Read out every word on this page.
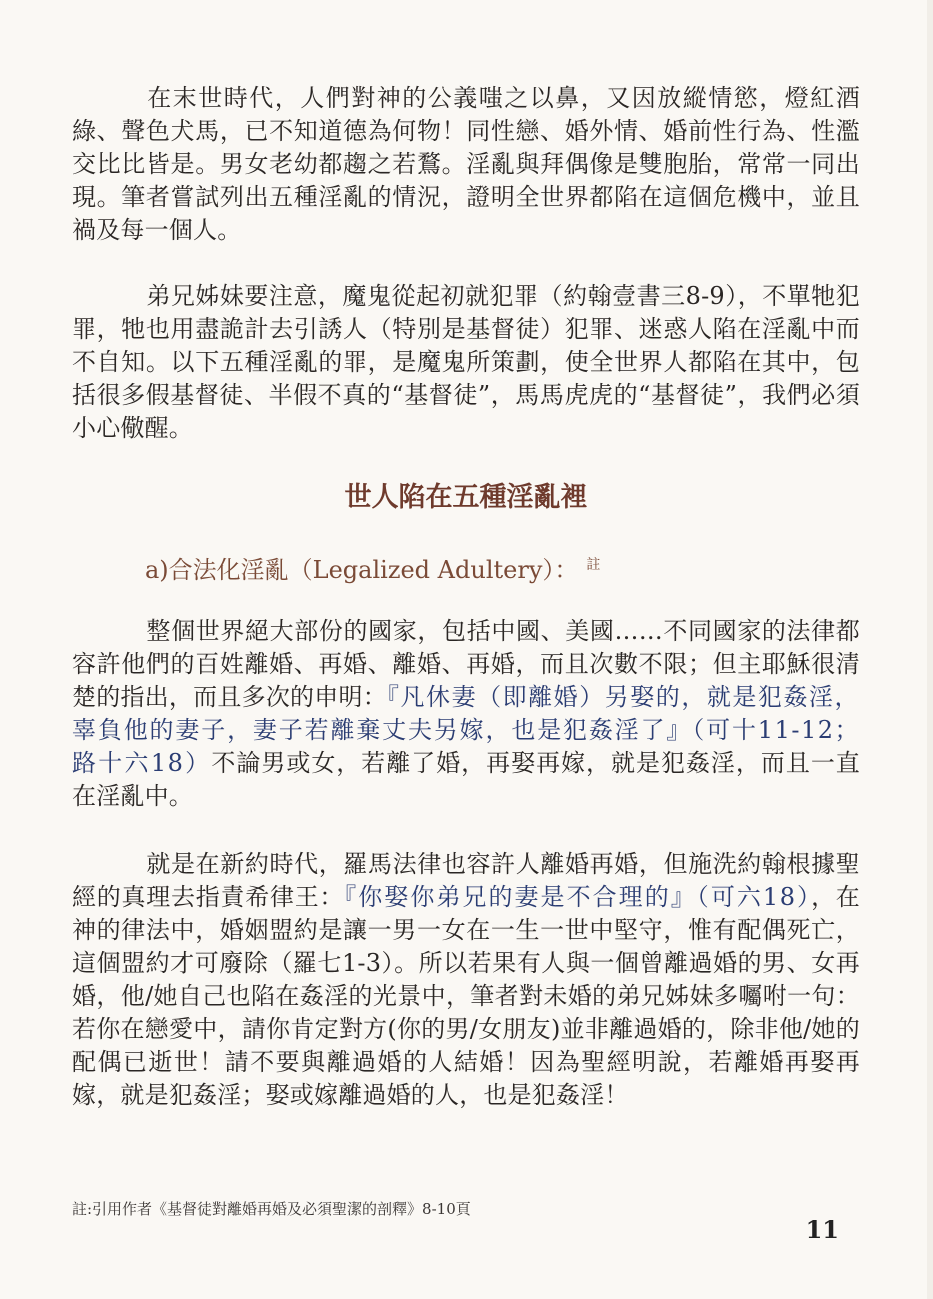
在末世時代，人們對神的公義嗤之以鼻，又因放縱情慾，燈紅酒綠、聲色犬馬，已不知道德為何物！同性戀、婚外情、婚前性行為、性濫交比比皆是。男女老幼都趨之若鶩。淫亂與拜偶像是雙胞胎，常常一同出現。筆者嘗試列出五種淫亂的情況，證明全世界都陷在這個危機中，並且禍及每一個人。

弟兄姊妹要注意，魔鬼從起初就犯罪（約翰壹書三8-9），不單牠犯罪，牠也用盡詭計去引誘人（特別是基督徒）犯罪、迷惑人陷在淫亂中而不自知。以下五種淫亂的罪，是魔鬼所策劃，使全世界人都陷在其中，包括很多假基督徒、半假不真的“基督徒”，馬馬虎虎的“基督徒”，我們必須小心儆醒。

世人陷在五種淫亂裡

a)合法化淫亂（Legalized Adultery）： $^註$

整個世界絕大部份的國家，包括中國、美國……不同國家的法律都容許他們的百姓離婚、再婚、離婚、再婚，而且次數不限；但主耶穌很清楚的指出，而且多次的申明：『凡休妻（即離婚）另娶的，就是犯姦淫，辜負他的妻子，妻子若離棄丈夫另嫁，也是犯姦淫了』（可十11-12；路十六18）不論男或女，若離了婚，再娶再嫁，就是犯姦淫，而且一直在淫亂中。

就是在新約時代，羅馬法律也容許人離婚再婚，但施洗約翰根據聖經的真理去指責希律王：『你娶你弟兄的妻是不合理的』（可六18），在神的律法中，婚姻盟約是讓一男一女在一生一世中堅守，惟有配偶死亡，這個盟約才可廢除（羅七1-3）。所以若果有人與一個曾離過婚的男、女再婚，他/她自己也陷在姦淫的光景中，筆者對未婚的弟兄姊妹多囑咐一句：若你在戀愛中，請你肯定對方(你的男/女朋友)並非離過婚的，除非他/她的配偶已逝世！請不要與離過婚的人結婚！因為聖經明說，若離婚再娶再嫁，就是犯姦淫；娶或嫁離過婚的人，也是犯姦淫！

註:引用作者《基督徒對離婚再婚及必須聖潔的剖釋》8-10頁

11
